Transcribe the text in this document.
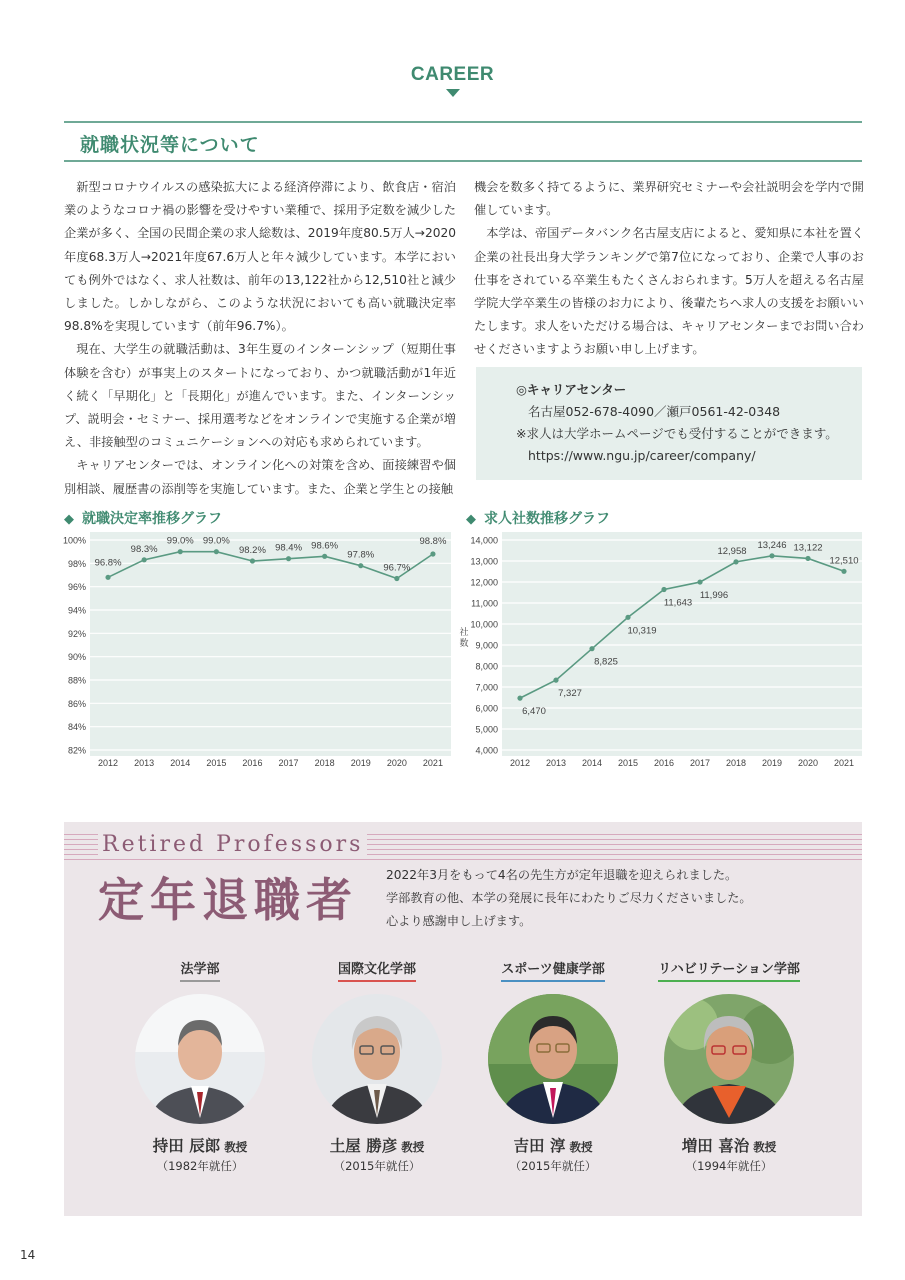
CAREER
就職状況等について

新型コロナウイルスの感染拡大による経済停滞により、飲食店・宿泊業のようなコロナ禍の影響を受けやすい業種で、採用予定数を減少した企業が多く、全国の民間企業の求人総数は、2019年度80.5万人→2020年度68.3万人→2021年度67.6万人と年々減少しています。本学においても例外ではなく、求人社数は、前年の13,122社から12,510社と減少しました。しかしながら、このような状況においても高い就職決定率98.8%を実現しています（前年96.7%）。

現在、大学生の就職活動は、3年生夏のインターンシップ（短期仕事体験を含む）が事実上のスタートになっており、かつ就職活動が1年近く続く「早期化」と「長期化」が進んでいます。また、インターンシップ、説明会・セミナー、採用選考などをオンラインで実施する企業が増え、非接触型のコミュニケーションへの対応も求められています。

キャリアセンターでは、オンライン化への対策を含め、面接練習や個別相談、履歴書の添削等を実施しています。また、企業と学生との接触

機会を数多く持てるように、業界研究セミナーや会社説明会を学内で開催しています。

本学は、帝国データバンク名古屋支店によると、愛知県に本社を置く企業の社長出身大学ランキングで第7位になっており、企業で人事のお仕事をされている卒業生もたくさんおられます。5万人を超える名古屋学院大学卒業生の皆様のお力により、後輩たちへ求人の支援をお願いいたします。求人をいただける場合は、キャリアセンターまでお問い合わせくださいますようお願い申し上げます。

◎キャリアセンター
名古屋052-678-4090／瀬戸0561-42-0348
※求人は大学ホームページでも受付することができます。
https://www.ngu.jp/career/company/
◆ 就職決定率推移グラフ	◆ 求人社数推移グラフ
100%
98%
96%
94%
92%
90%
88%
86%
84%
82%
2012 2013 2014 2015 2016 2017 2018 2019 2020 2021
96.8%
98.3%
99.0% 99.0%
98.2% 98.4% 98.6%
97.8%
96.7%
98.8%	14,000
13,000
12,000
11,000
10,000
9,000
8,000
7,000
6,000
5,000
4,000
2012 2013 2014 2015 2016 2017 2018 2019 2020 2021
社
数
6,470
7,327
8,825
10,319
11,643
11,996
12,958
13,246 13,122
12,510
Retired Professors
定年退職者 2022年3月をもって4名の先生方が定年退職を迎えられました。
学部教育の他、本学の発展に長年にわたりご尽力くださいました。
心より感謝申し上げます。
法学部
持田 辰郎 教授
（1982年就任）
国際文化学部
土屋 勝彦 教授
（2015年就任）
スポーツ健康学部
吉田 淳 教授
（2015年就任）
リハビリテーション学部
増田 喜治 教授
（1994年就任）
14
